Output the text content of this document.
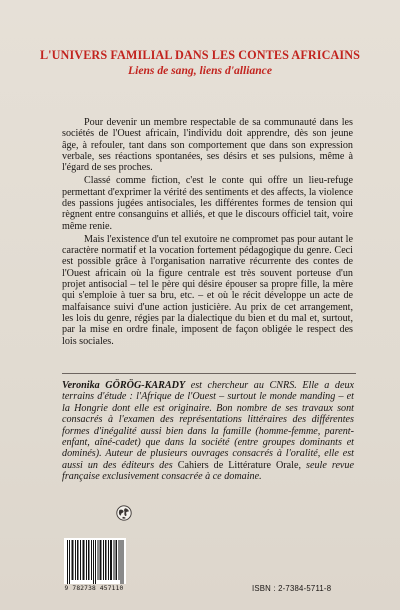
L'UNIVERS FAMILIAL DANS LES CONTES AFRICAINS
Liens de sang, liens d'alliance

Pour devenir un membre respectable de sa communauté dans les sociétés de l'Ouest africain, l'individu doit apprendre, dès son jeune âge, à refouler, tant dans son comportement que dans son expression verbale, ses réactions spontanées, ses désirs et ses pulsions, même à l'égard de ses proches.

Classé comme fiction, c'est le conte qui offre un lieu-refuge permettant d'exprimer la vérité des sentiments et des affects, la violence des passions jugées antisociales, les différentes formes de tension qui règnent entre consanguins et alliés, et que le discours officiel tait, voire même renie.

Mais l'existence d'un tel exutoire ne compromet pas pour autant le caractère normatif et la vocation fortement pédagogique du genre. Ceci est possible grâce à l'organisation narrative récurrente des contes de l'Ouest africain où la figure centrale est très souvent porteuse d'un projet antisocial – tel le père qui désire épouser sa propre fille, la mère qui s'emploie à tuer sa bru, etc. – et où le récit développe un acte de malfaisance suivi d'une action justicière. Au prix de cet arrangement, les lois du genre, régies par la dialectique du bien et du mal et, surtout, par la mise en ordre finale, imposent de façon obligée le respect des lois sociales.

Veronika GÖRÖG-KARADY est chercheur au CNRS. Elle a deux terrains d'étude : l'Afrique de l'Ouest – surtout le monde manding – et la Hongrie dont elle est originaire. Bon nombre de ses travaux sont consacrés à l'examen des représentations littéraires des différentes formes d'inégalité aussi bien dans la famille (homme-femme, parent-enfant, aîné-cadet) que dans la société (entre groupes dominants et dominés). Auteur de plusieurs ouvrages consacrés à l'oralité, elle est aussi un des éditeurs des Cahiers de Littérature Orale, seule revue française exclusivement consacrée à ce domaine.
9 782738 457110	ISBN : 2-7384-5711-8
